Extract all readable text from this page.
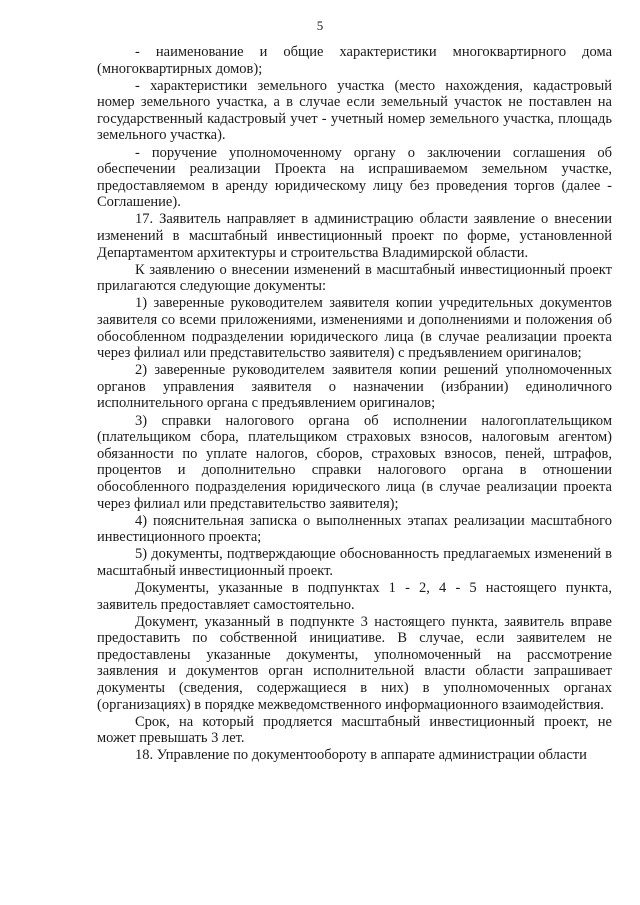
5

- наименование и общие характеристики многоквартирного дома (многоквартирных домов);

- характеристики земельного участка (место нахождения, кадастровый номер земельного участка, а в случае если земельный участок не поставлен на государственный кадастровый учет - учетный номер земельного участка, площадь земельного участка).

- поручение уполномоченному органу о заключении соглашения об обеспечении реализации Проекта на испрашиваемом земельном участке, предоставляемом в аренду юридическому лицу без проведения торгов (далее - Соглашение).

17. Заявитель направляет в администрацию области заявление о внесении изменений в масштабный инвестиционный проект по форме, установленной Департаментом архитектуры и строительства Владимирской области.

К заявлению о внесении изменений в масштабный инвестиционный проект прилагаются следующие документы:

1) заверенные руководителем заявителя копии учредительных документов заявителя со всеми приложениями, изменениями и дополнениями и положения об обособленном подразделении юридического лица (в случае реализации проекта через филиал или представительство заявителя) с предъявлением оригиналов;

2) заверенные руководителем заявителя копии решений уполномоченных органов управления заявителя о назначении (избрании) единоличного исполнительного органа с предъявлением оригиналов;

3) справки налогового органа об исполнении налогоплательщиком (плательщиком сбора, плательщиком страховых взносов, налоговым агентом) обязанности по уплате налогов, сборов, страховых взносов, пеней, штрафов, процентов и дополнительно справки налогового органа в отношении обособленного подразделения юридического лица (в случае реализации проекта через филиал или представительство заявителя);

4) пояснительная записка о выполненных этапах реализации масштабного инвестиционного проекта;

5) документы, подтверждающие обоснованность предлагаемых изменений в масштабный инвестиционный проект.

Документы, указанные в подпунктах 1 - 2, 4 - 5 настоящего пункта, заявитель предоставляет самостоятельно.

Документ, указанный в подпункте 3 настоящего пункта, заявитель вправе предоставить по собственной инициативе. В случае, если заявителем не предоставлены указанные документы, уполномоченный на рассмотрение заявления и документов орган исполнительной власти области запрашивает документы (сведения, содержащиеся в них) в уполномоченных органах (организациях) в порядке межведомственного информационного взаимодействия.

Срок, на который продляется масштабный инвестиционный проект, не может превышать 3 лет.

18. Управление по документообороту в аппарате администрации области
